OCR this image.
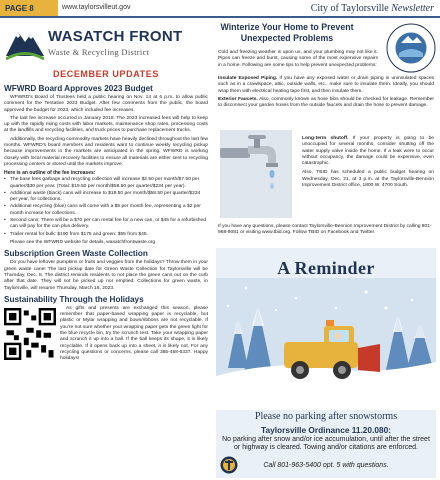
PAGE 8	www.taylorsvilleut.gov	City of Taylorsville Newsletter
WASATCH FRONT
Waste & Recycling District
DECEMBER UPDATES
WFWRD Board Approves 2023 Budget

WFWRD's Board of Trustees held a public hearing on Nov. 14 at 6 p.m. to allow public comment for the Tentative 2023 Budget. After few comments from the public, the board approved the budget for 2023, which included fee increases.

The last fee increase occurred in January 2018. The 2023 increased fees will help to keep up with the rapidly rising costs with labor markets, maintenance shop rates, processing costs at the landfills and recycling facilities, and truck prices to purchase replacement trucks.

Additionally, the recycling commodity markets have heavily declined throughout the last few months. WFWRD's board members and residents want to continue weekly recycling pickup because improvements in the markets are anticipated in the spring. WFWRD is working closely with local material recovery facilities to ensure all materials are either sent to recycling processing centers or stored until the markets improve.

Here is an outline of the fee increases:
• The base fees garbage and recycling collection will increase $2.50 per month/$7.50 per quarter/$30 per year. (Total: $19.50 per month/$58.50 per quarter/$234 per year).
• Additional waste (black) cans will increase to $19.50 per month/$58.50 per quarter/$234 per year, for collections.
• Additional recycling (blue) cans will come with a $5 per month fee, representing a $2 per month increase for collections.
• Second cans: There will be a $70 per can rental fee for a new can, or $45 for a refurbished can will pay for the can plus delivery.
• Trailer rental for bulk: $190 from $175 and green: $55 from $45.
Please see the WFWRD website for details, wasatchfrontwaste.org
Subscription Green Waste Collection

Do you have leftover pumpkins or fruits and veggies from the holidays? Throw them in your green waste cane! The last pickup date for Green Waste Collection for Taylorsville will be Thursday, Dec. 8. The district reminds residents to not place the green cans out on the curb after that date. They will not be picked up nor emptied. Collections for green waste, in Taylorsville, will resume Thursday, March 16, 2023.

Sustainability Through the Holidays

As gifts and presents are exchanged this season, please remember that paper-based wrapping paper is recyclable, but plastic or Mylar wrapping and bows/ribbons are not recyclable. If you're not sure whether your wrapping paper gets the green light for the blue recycle bin, try the scrunch test. Take your wrapping paper and scrunch it up into a ball. If the ball keeps its shape, it is likely recyclable. If it opens back up into a sheet, it is likely not. For any recycling questions or concerns, please call 385-468-6337. Happy holidays!

Winterize Your Home to Prevent Unexpected Problems
Cold and freezing weather is upon us, and your plumbing may not like it. Pipes can freeze and burst, causing some of the most expensive repairs in a home. Following are some tips to help prevent unexpected problems:

Insulate Exposed Piping. If you have any exposed water or drain piping in uninsulated spaces such as in a crawlspace, attic, outside walls, etc., make sure to insulate them. Ideally, you should wrap them with electrical heating tape first, and then insulate them.

Exterior Faucets. Also, commonly known as hose bibs should be checked for leakage. Remember to disconnect your garden hoses from the outside faucets and drain the hose to prevent damage.

Long-term shutoff. If your property is going to be unoccupied for several months, consider shutting off the water supply valve inside the home. If a leak were to occur without occupancy, the damage could be expensive, even catastrophic.

Also, TBID has scheduled a public budget hearing on Wednesday, Dec. 21, at 3 p.m. at the Taylorsville-Bennion Improvement District office, 1800 W. 4700 South.

If you have any questions, please contact Taylorsville-Bennion Improvement District by calling 801-968-9081 or visiting www.tbid.org. Follow TBID on Facebook and Twitter.
A Reminder
Please no parking after snowstorms
Taylorsville Ordinance 11.20.080:
No parking after snow and/or ice accumulation, until after the street or highway is cleared. Towing and/or citations are enforced.
Call 801-963-5400 opt. 5 with questions.
